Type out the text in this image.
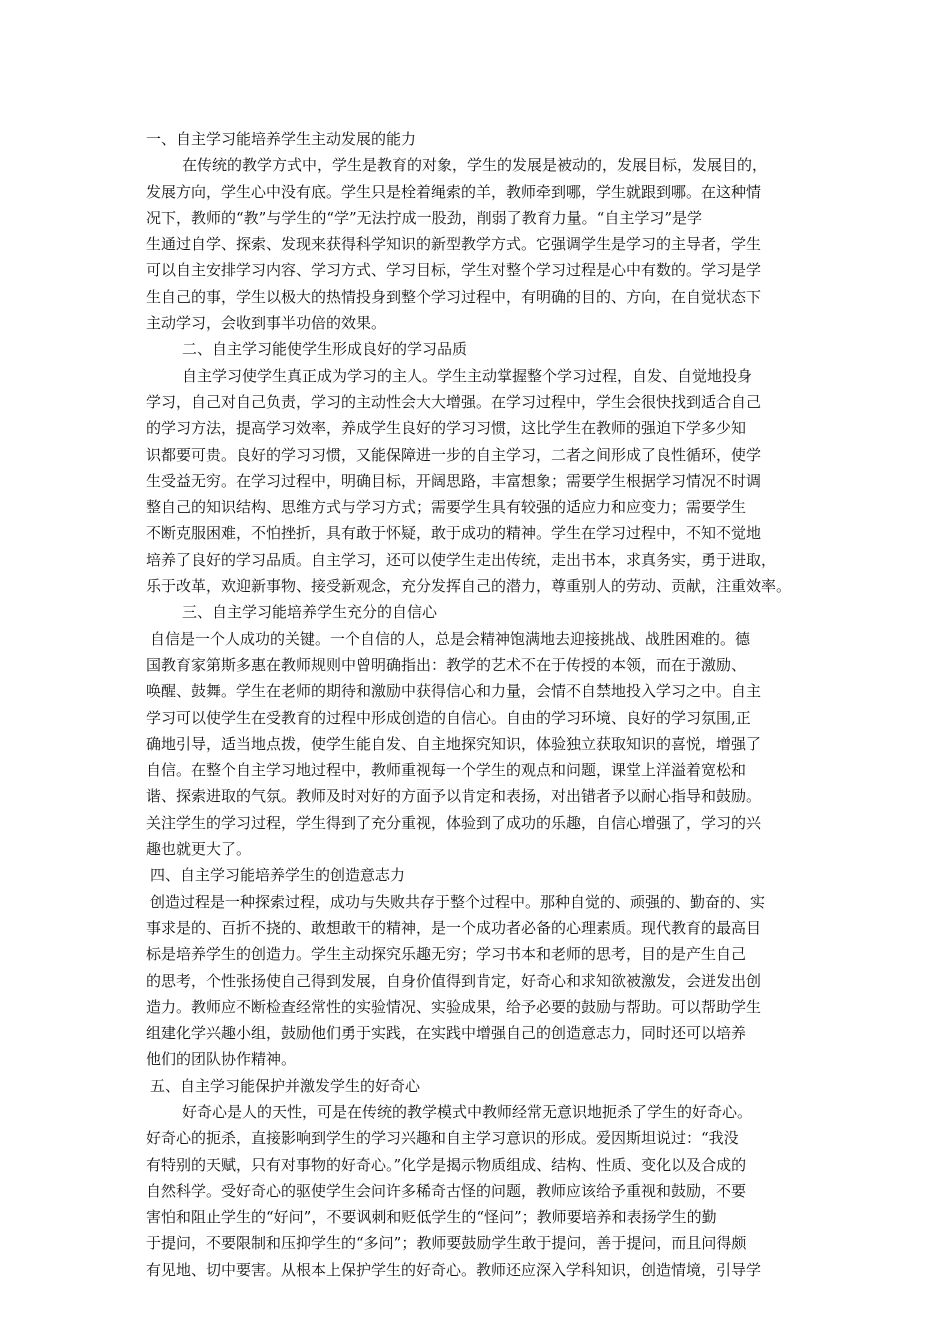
一、自主学习能培养学生主动发展的能力
在传统的教学方式中，学生是教育的对象，学生的发展是被动的，发展目标，发展目的，
发展方向，学生心中没有底。学生只是栓着绳索的羊，教师牵到哪，学生就跟到哪。在这种情
况下，教师的“教”与学生的“学”无法拧成一股劲，削弱了教育力量。“自主学习”是学
生通过自学、探索、发现来获得科学知识的新型教学方式。它强调学生是学习的主导者，学生
可以自主安排学习内容、学习方式、学习目标，学生对整个学习过程是心中有数的。学习是学
生自己的事，学生以极大的热情投身到整个学习过程中，有明确的目的、方向，在自觉状态下
主动学习，会收到事半功倍的效果。
二、自主学习能使学生形成良好的学习品质
自主学习使学生真正成为学习的主人。学生主动掌握整个学习过程，自发、自觉地投身
学习，自己对自己负责，学习的主动性会大大增强。在学习过程中，学生会很快找到适合自己
的学习方法，提高学习效率，养成学生良好的学习习惯，这比学生在教师的强迫下学多少知
识都要可贵。良好的学习习惯，又能保障进一步的自主学习，二者之间形成了良性循环，使学
生受益无穷。在学习过程中，明确目标，开阔思路，丰富想象；需要学生根据学习情况不时调
整自己的知识结构、思维方式与学习方式；需要学生具有较强的适应力和应变力；需要学生
不断克服困难，不怕挫折，具有敢于怀疑，敢于成功的精神。学生在学习过程中，不知不觉地
培养了良好的学习品质。自主学习，还可以使学生走出传统，走出书本，求真务实，勇于进取，
乐于改革，欢迎新事物、接受新观念，充分发挥自己的潜力，尊重别人的劳动、贡献，注重效率。
三、自主学习能培养学生充分的自信心
自信是一个人成功的关键。一个自信的人，总是会精神饱满地去迎接挑战、战胜困难的。德
国教育家第斯多惠在教师规则中曾明确指出：教学的艺术不在于传授的本领，而在于激励、
唤醒、鼓舞。学生在老师的期待和激励中获得信心和力量，会情不自禁地投入学习之中。自主
学习可以使学生在受教育的过程中形成创造的自信心。自由的学习环境、良好的学习氛围,正
确地引导，适当地点拨，使学生能自发、自主地探究知识，体验独立获取知识的喜悦，增强了
自信。在整个自主学习地过程中，教师重视每一个学生的观点和问题，课堂上洋溢着宽松和
谐、探索进取的气氛。教师及时对好的方面予以肯定和表扬，对出错者予以耐心指导和鼓励。
关注学生的学习过程，学生得到了充分重视，体验到了成功的乐趣，自信心增强了，学习的兴
趣也就更大了。
四、自主学习能培养学生的创造意志力
创造过程是一种探索过程，成功与失败共存于整个过程中。那种自觉的、顽强的、勤奋的、实
事求是的、百折不挠的、敢想敢干的精神，是一个成功者必备的心理素质。现代教育的最高目
标是培养学生的创造力。学生主动探究乐趣无穷；学习书本和老师的思考，目的是产生自己
的思考，个性张扬使自己得到发展，自身价值得到肯定，好奇心和求知欲被激发，会迸发出创
造力。教师应不断检查经常性的实验情况、实验成果，给予必要的鼓励与帮助。可以帮助学生
组建化学兴趣小组，鼓励他们勇于实践，在实践中增强自己的创造意志力，同时还可以培养
他们的团队协作精神。
五、自主学习能保护并激发学生的好奇心
好奇心是人的天性，可是在传统的教学模式中教师经常无意识地扼杀了学生的好奇心。
好奇心的扼杀，直接影响到学生的学习兴趣和自主学习意识的形成。爱因斯坦说过：“我没
有特别的天赋，只有对事物的好奇心。”化学是揭示物质组成、结构、性质、变化以及合成的
自然科学。受好奇心的驱使学生会问许多稀奇古怪的问题，教师应该给予重视和鼓励，不要
害怕和阻止学生的“好问”，不要讽刺和贬低学生的“怪问”；教师要培养和表扬学生的勤
于提问，不要限制和压抑学生的“多问”；教师要鼓励学生敢于提问，善于提问，而且问得颇
有见地、切中要害。从根本上保护学生的好奇心。教师还应深入学科知识，创造情境，引导学
